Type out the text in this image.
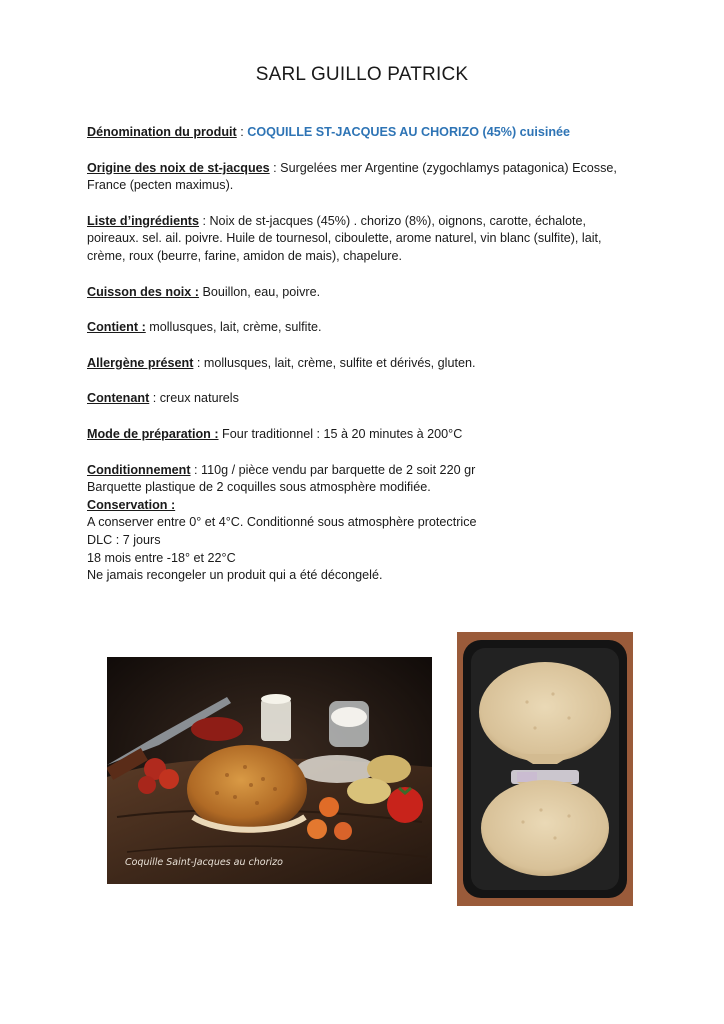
SARL GUILLO PATRICK

Dénomination du produit : COQUILLE ST-JACQUES AU CHORIZO (45%) cuisinée

Origine des noix de st-jacques : Surgelées mer Argentine (zygochlamys patagonica) Ecosse,
France (pecten maximus).

Liste d’ingrédients : Noix de st-jacques (45%) . chorizo (8%), oignons, carotte, échalote,
poireaux. sel. ail. poivre. Huile de tournesol, ciboulette, arome naturel, vin blanc (sulfite), lait,
crème, roux (beurre, farine, amidon de mais), chapelure.

Cuisson des noix : Bouillon, eau, poivre.

Contient : mollusques, lait, crème, sulfite.

Allergène présent : mollusques, lait, crème, sulfite et dérivés, gluten.

Contenant : creux naturels

Mode de préparation : Four traditionnel : 15 à 20 minutes à 200°C

Conditionnement : 110g / pièce vendu par barquette de 2 soit 220 gr
Barquette plastique de 2 coquilles sous atmosphère modifiée.

Conservation :
A conserver entre 0° et 4°C. Conditionné sous atmosphère protectrice
DLC : 7 jours
18 mois entre -18° et 22°C
Ne jamais recongeler un produit qui a été décongelé.

Coquille Saint-Jacques au chorizo
